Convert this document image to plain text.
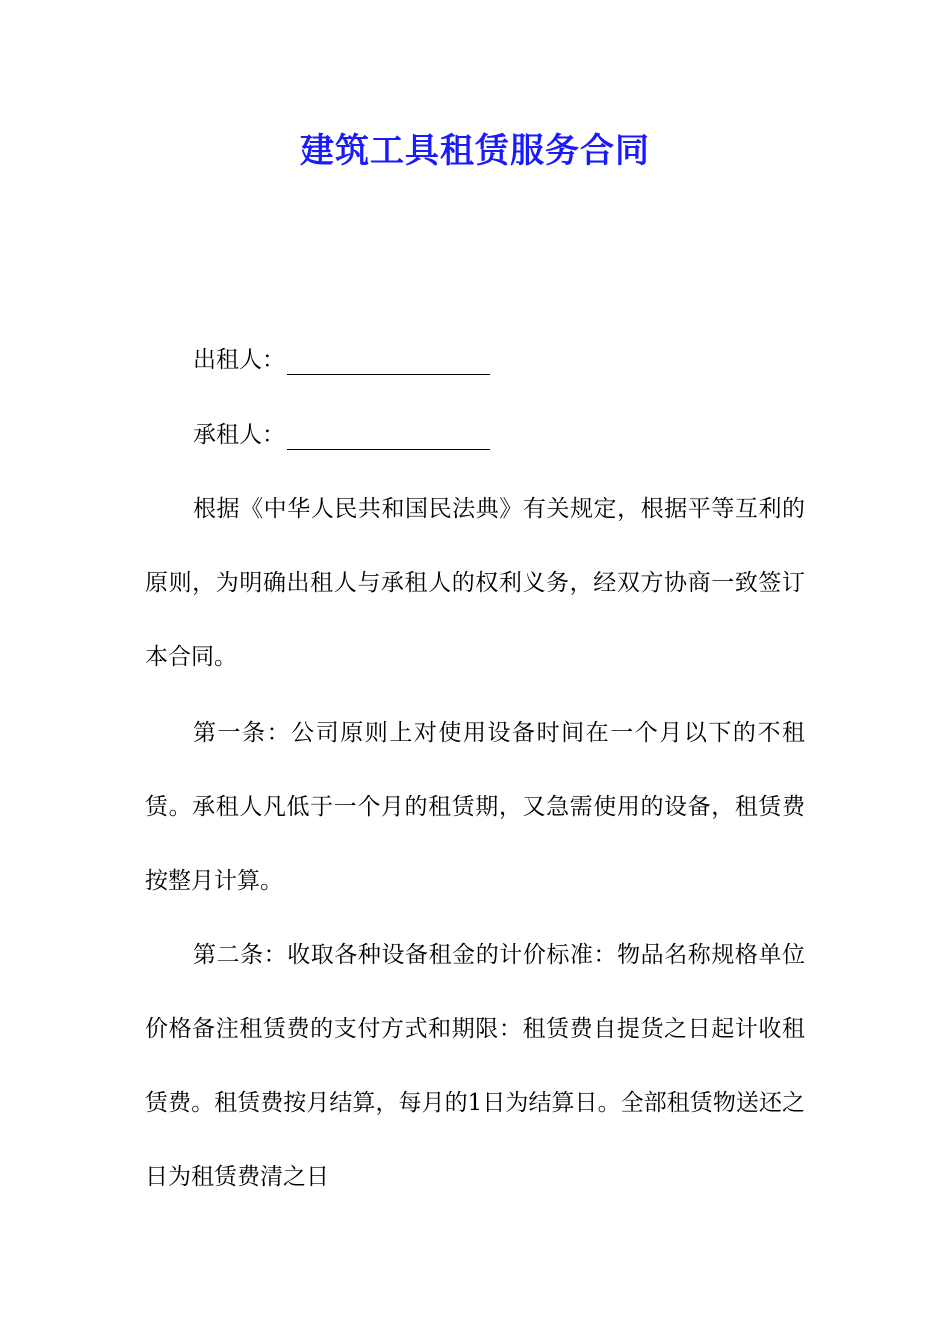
建筑工具租赁服务合同
出租人：
承租人：

根据《中华人民共和国民法典》有关规定，根据平等互利的原则，为明确出租人与承租人的权利义务，经双方协商一致签订本合同。

第一条：公司原则上对使用设备时间在一个月以下的不租赁。承租人凡低于一个月的租赁期，又急需使用的设备，租赁费按整月计算。

第二条：收取各种设备租金的计价标准：物品名称规格单位价格备注租赁费的支付方式和期限：租赁费自提货之日起计收租赁费。租赁费按月结算，每月的1日为结算日。全部租赁物送还之日为租赁费清之日
